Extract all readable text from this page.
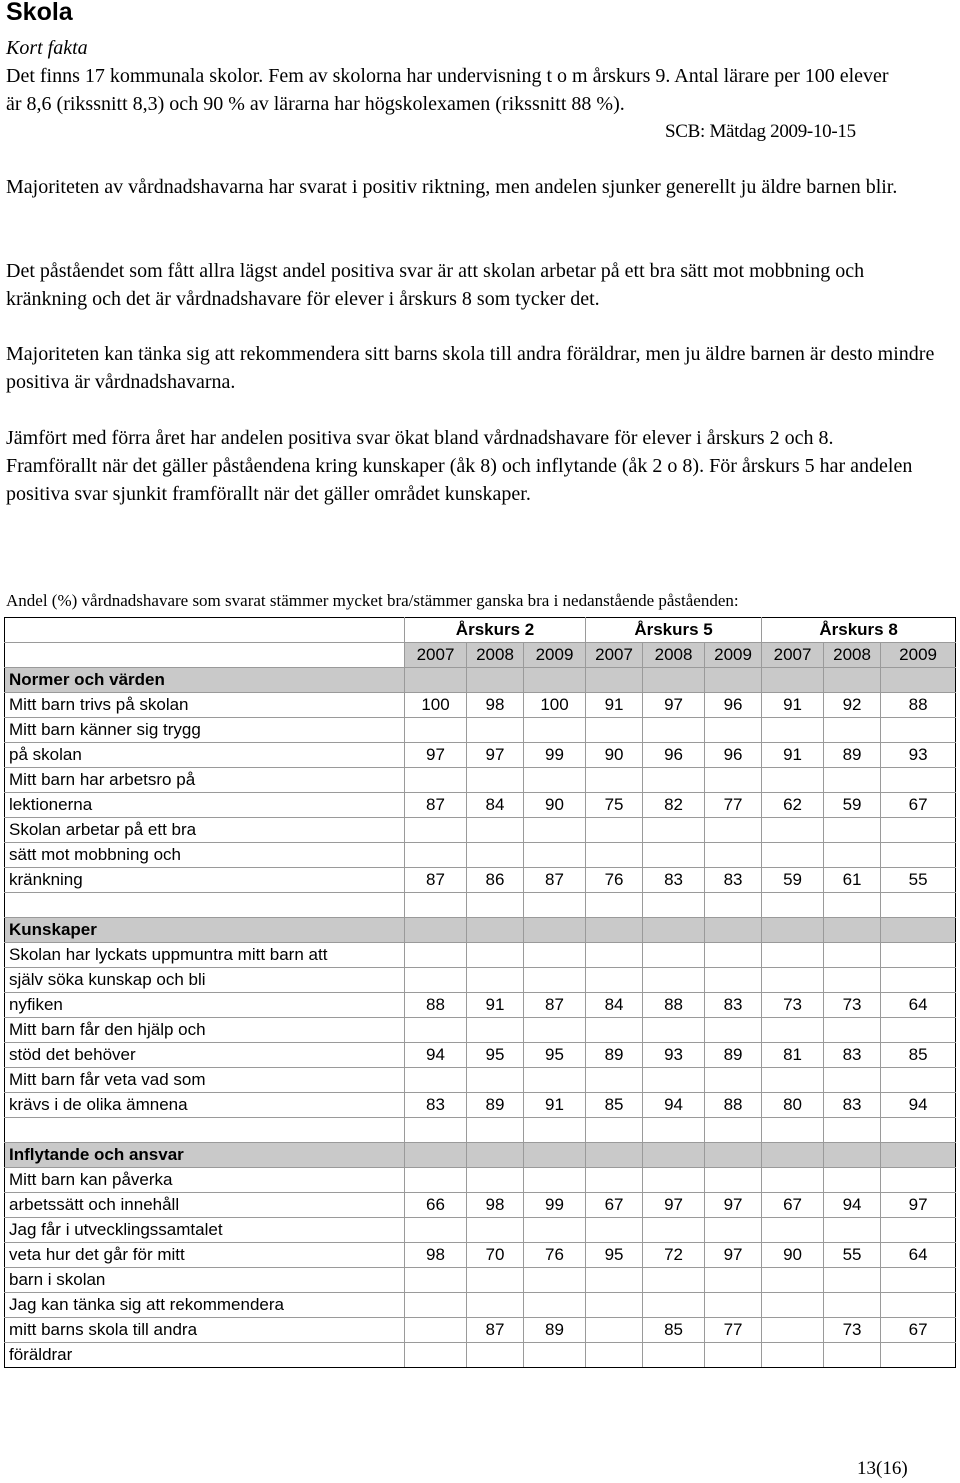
Skola
Kort fakta

Det finns 17 kommunala skolor. Fem av skolorna har undervisning t o m årskurs 9. Antal lärare per 100 elever är 8,6 (rikssnitt 8,3) och 90 % av lärarna har högskolexamen (rikssnitt 88 %).

SCB: Mätdag 2009-10-15

Majoriteten av vårdnadshavarna har svarat i positiv riktning, men andelen sjunker generellt ju äldre barnen blir.

Det påståendet som fått allra lägst andel positiva svar är att skolan arbetar på ett bra sätt mot mobbning och kränkning och det är vårdnadshavare för elever i årskurs 8 som tycker det.

Majoriteten kan tänka sig att rekommendera sitt barns skola till andra föräldrar, men ju äldre barnen är desto mindre positiva är vårdnadshavarna.

Jämfört med förra året har andelen positiva svar ökat bland vårdnadshavare för elever i årskurs 2 och 8. Framförallt när det gäller påståendena kring kunskaper (åk 8) och inflytande (åk 2 o 8). För årskurs 5 har andelen positiva svar sjunkit framförallt när det gäller området kunskaper.

Andel (%) vårdnadshavare som svarat stämmer mycket bra/stämmer ganska bra i nedanstående påståenden:
	Årskurs 2			Årskurs 5			Årskurs 8		
	2007	2008	2009	2007	2008	2009	2007	2008	2009
Normer och värden									
Mitt barn trivs på skolan	100	98	100	91	97	96	91	92	88
Mitt barn känner sig trygg									
på skolan	97	97	99	90	96	96	91	89	93
Mitt barn har arbetsro på									
lektionerna	87	84	90	75	82	77	62	59	67
Skolan arbetar på ett bra									
sätt mot mobbning och									
kränkning	87	86	87	76	83	83	59	61	55

Kunskaper									
Skolan har lyckats uppmuntra mitt barn att									
själv söka kunskap och bli									
nyfiken	88	91	87	84	88	83	73	73	64
Mitt barn får den hjälp och									
stöd det behöver	94	95	95	89	93	89	81	83	85
Mitt barn får veta vad som									
krävs i de olika ämnena	83	89	91	85	94	88	80	83	94

Inflytande och ansvar									
Mitt barn kan påverka									
arbetssätt och innehåll	66	98	99	67	97	97	67	94	97
Jag får i utvecklingssamtalet									
veta hur det går för mitt	98	70	76	95	72	97	90	55	64
barn i skolan									
Jag kan tänka sig att rekommendera									
mitt barns skola till andra		87	89		85	77		73	67
föräldrar									
13(16)
